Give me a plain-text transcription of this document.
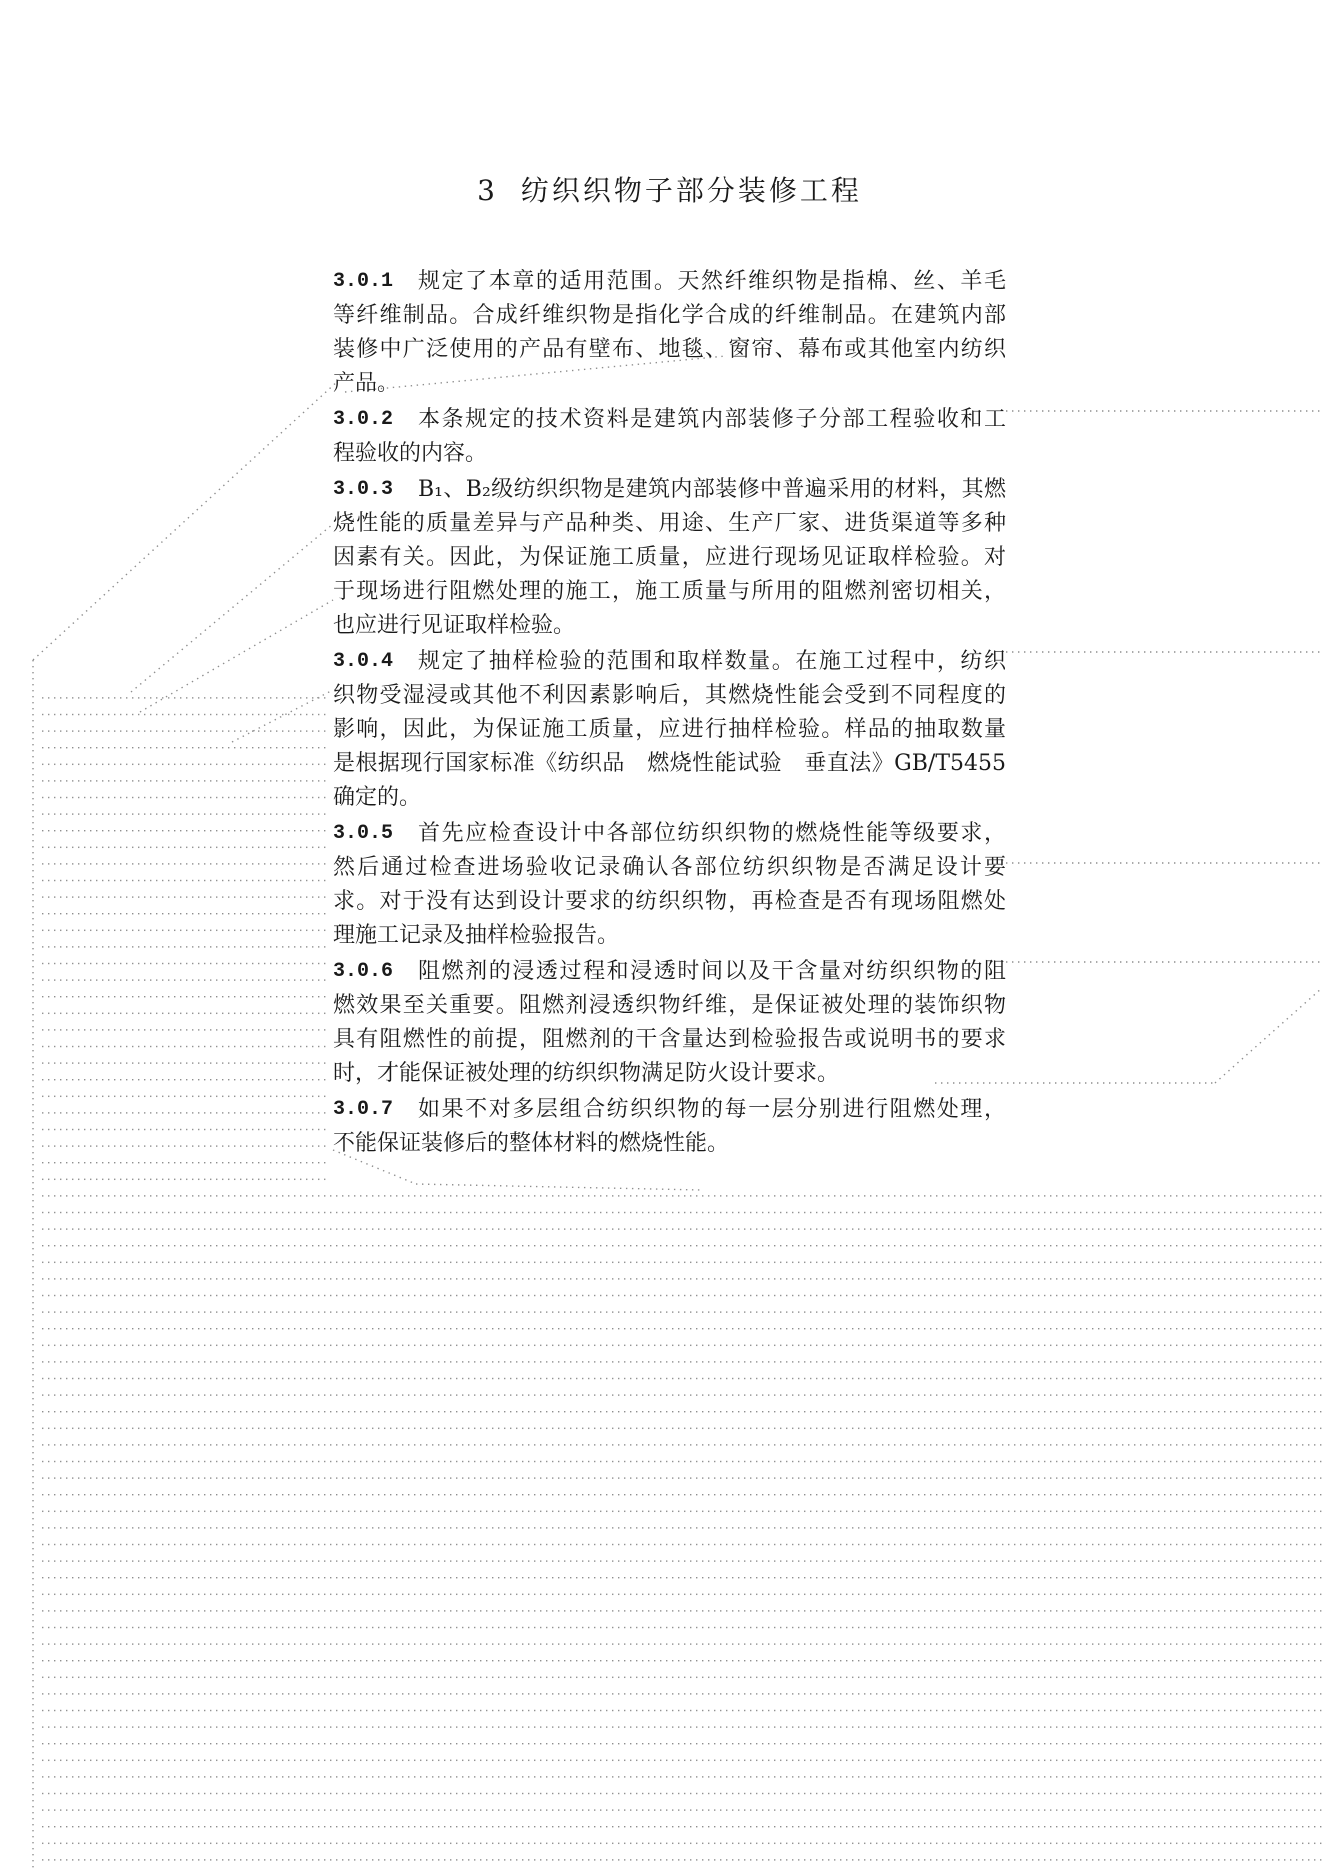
3 纺织织物子部分装修工程
3.0.1	规定了本章的适用范围。天然纤维织物是指棉、丝、羊毛
等纤维制品。合成纤维织物是指化学合成的纤维制品。在建筑内部
装修中广泛使用的产品有壁布、地毯、窗帘、幕布或其他室内纺织
产品。
3.0.2	本条规定的技术资料是建筑内部装修子分部工程验收和工
程验收的内容。
3.0.3	B₁、B₂级纺织织物是建筑内部装修中普遍采用的材料，其燃
烧性能的质量差异与产品种类、用途、生产厂家、进货渠道等多种
因素有关。因此，为保证施工质量，应进行现场见证取样检验。对
于现场进行阻燃处理的施工，施工质量与所用的阻燃剂密切相关，
也应进行见证取样检验。
3.0.4	规定了抽样检验的范围和取样数量。在施工过程中，纺织
织物受湿浸或其他不利因素影响后，其燃烧性能会受到不同程度的
影响，因此，为保证施工质量，应进行抽样检验。样品的抽取数量
是根据现行国家标准《纺织品　燃烧性能试验　垂直法》GB/T5455
确定的。
3.0.5	首先应检查设计中各部位纺织织物的燃烧性能等级要求，
然后通过检查进场验收记录确认各部位纺织织物是否满足设计要
求。对于没有达到设计要求的纺织织物，再检查是否有现场阻燃处
理施工记录及抽样检验报告。
3.0.6	阻燃剂的浸透过程和浸透时间以及干含量对纺织织物的阻
燃效果至关重要。阻燃剂浸透织物纤维，是保证被处理的装饰织物
具有阻燃性的前提，阻燃剂的干含量达到检验报告或说明书的要求
时，才能保证被处理的纺织织物满足防火设计要求。
3.0.7	如果不对多层组合纺织织物的每一层分别进行阻燃处理，
不能保证装修后的整体材料的燃烧性能。
